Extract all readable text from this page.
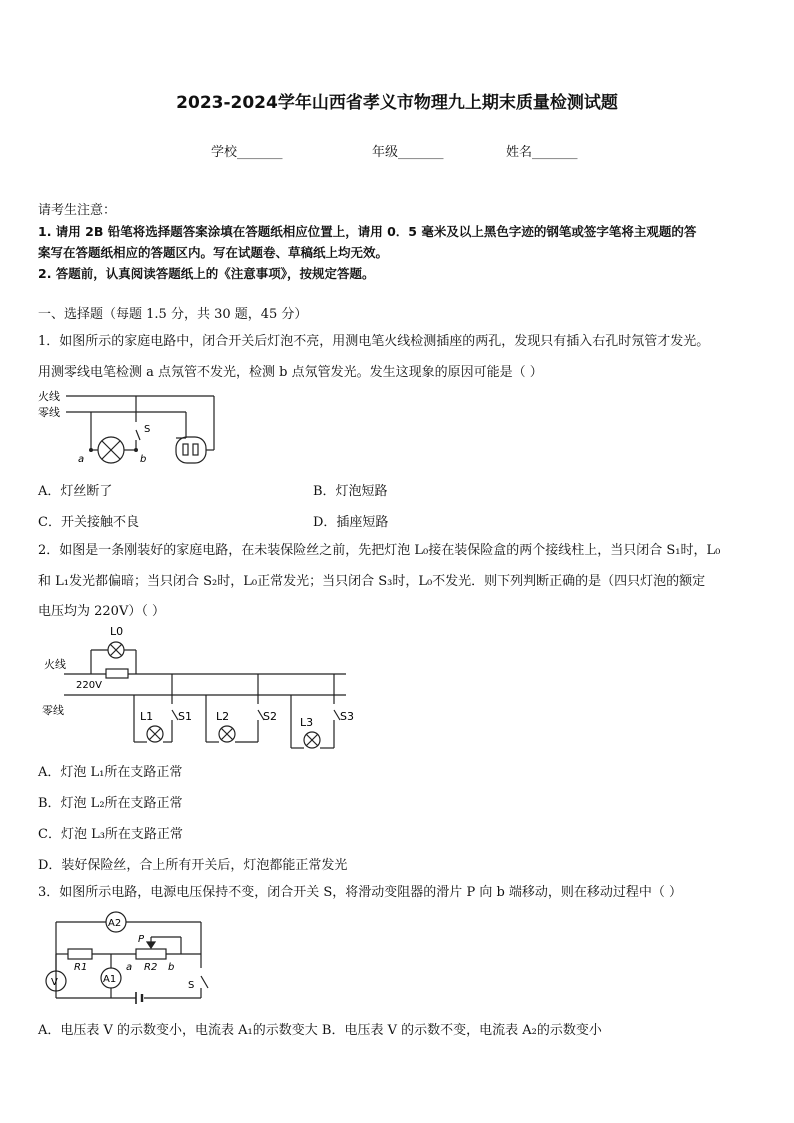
2023-2024学年山西省孝义市物理九上期末质量检测试题
学校_______	年级_______	姓名_______
请考生注意：
1. 请用 2B 铅笔将选择题答案涂填在答题纸相应位置上，请用 0．5 毫米及以上黑色字迹的钢笔或签字笔将主观题的答
案写在答题纸相应的答题区内。写在试题卷、草稿纸上均无效。
2. 答题前，认真阅读答题纸上的《注意事项》，按规定答题。
一、选择题（每题 1.5 分，共 30 题，45 分）
1．如图所示的家庭电路中，闭合开关后灯泡不亮，用测电笔火线检测插座的两孔，发现只有插入右孔时氖管才发光。
用测零线电笔检测 a 点氖管不发光，检测 b 点氖管发光。发生这现象的原因可能是（ ）
火线
零线
a	b
S
A．灯丝断了	B．灯泡短路
C．开关接触不良	D．插座短路
2．如图是一条刚装好的家庭电路，在未装保险丝之前，先把灯泡 L₀接在装保险盒的两个接线柱上，当只闭合 S₁时，L₀
和 L₁发光都偏暗；当只闭合 S₂时，L₀正常发光；当只闭合 S₃时，L₀不发光．则下列判断正确的是（四只灯泡的额定
电压均为 220V）（ ）
火线
零线
L0
220V
L1 S1 L2	S2 L3 S3
A．灯泡 L₁所在支路正常
B．灯泡 L₂所在支路正常
C．灯泡 L₃所在支路正常
D．装好保险丝，合上所有开关后，灯泡都能正常发光
3．如图所示电路，电源电压保持不变，闭合开关 S，将滑动变阻器的滑片 P 向 b 端移动，则在移动过程中（ ）
A2
V	A1
R1	R2
P
a	b
S
A．电压表 V 的示数变小，电流表 A₁的示数变大 B．电压表 V 的示数不变，电流表 A₂的示数变小
